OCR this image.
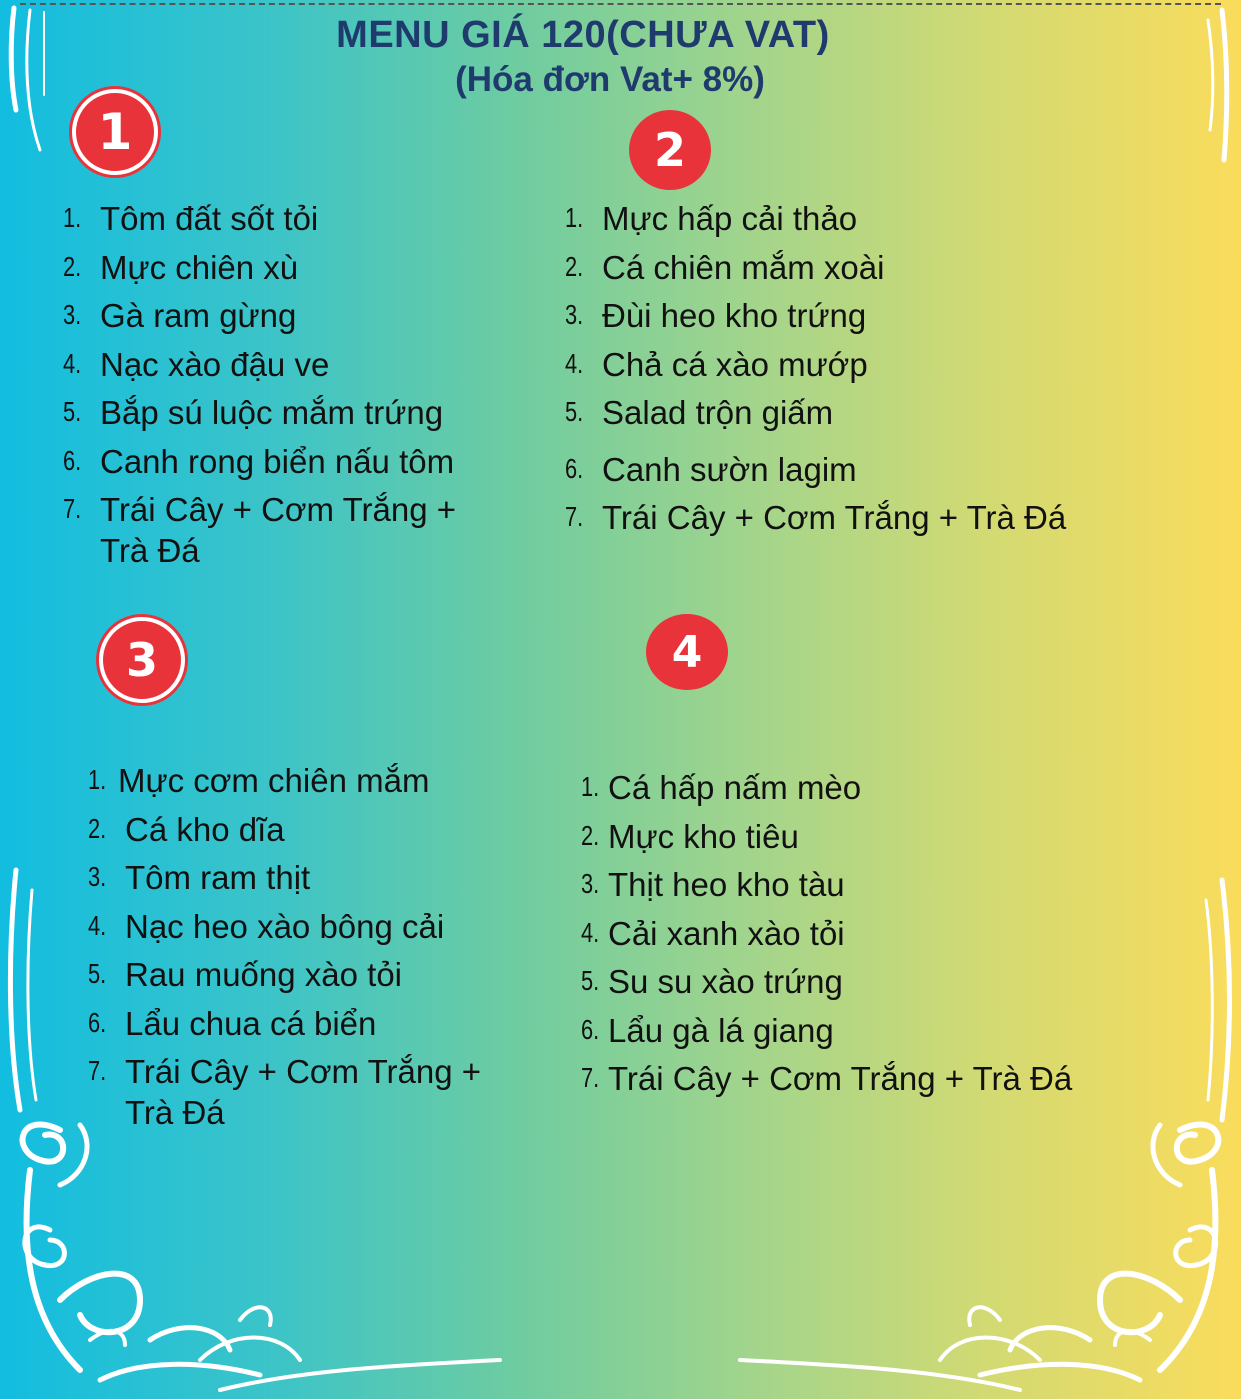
MENU GIÁ 120(CHƯA VAT)
(Hóa đơn Vat+ 8%)
1
1. Tôm đất sốt tỏi
2. Mực chiên xù
3. Gà ram gừng
4. Nạc xào đậu ve
5. Bắp sú luộc mắm trứng
6. Canh rong biển nấu tôm
7. Trái Cây + Cơm Trắng + Trà Đá
2
1. Mực hấp cải thảo
2. Cá chiên mắm xoài
3. Đùi heo kho trứng
4. Chả cá xào mướp
5. Salad trộn giấm
6. Canh sườn lagim
7. Trái Cây + Cơm Trắng + Trà Đá
3
1. Mực cơm chiên mắm
2. Cá kho dĩa
3. Tôm ram thịt
4. Nạc heo xào bông cải
5. Rau muống xào tỏi
6. Lẩu chua cá biển
7. Trái Cây + Cơm Trắng + Trà Đá
4
1. Cá hấp nấm mèo
2. Mực kho tiêu
3. Thịt heo kho tàu
4. Cải xanh xào tỏi
5. Su su xào trứng
6. Lẩu gà lá giang
7. Trái Cây + Cơm Trắng + Trà Đá
